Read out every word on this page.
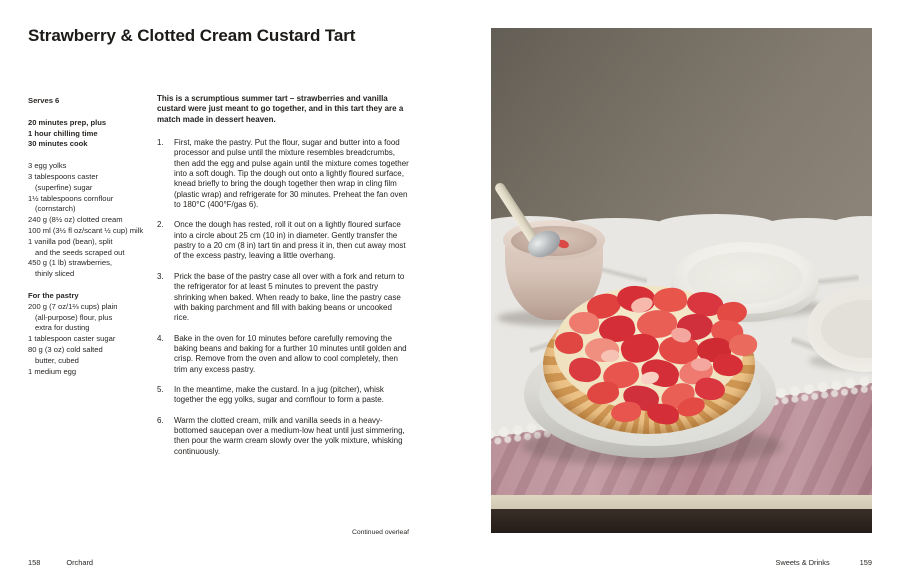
Strawberry & Clotted Cream Custard Tart
Serves 6
20 minutes prep, plus
1 hour chilling time
30 minutes cook
3 egg yolks
3 tablespoons caster
(superfine) sugar
1½ tablespoons cornflour
(cornstarch)
240 g (8½ oz) clotted cream
100 ml (3½ fl oz/scant ½ cup) milk
1 vanilla pod (bean), split
and the seeds scraped out
450 g (1 lb) strawberries,
thinly sliced
For the pastry
200 g (7 oz/1⅔ cups) plain
(all-purpose) flour, plus
extra for dusting
1 tablespoon caster sugar
80 g (3 oz) cold salted
butter, cubed
1 medium egg

This is a scrumptious summer tart – strawberries and vanilla custard were just meant to go together, and in this tart they are a match made in dessert heaven.

1.	First, make the pastry. Put the flour, sugar and butter into a food processor and pulse until the mixture resembles breadcrumbs, then add the egg and pulse again until the mixture comes together into a soft dough. Tip the dough out onto a lightly floured surface, knead briefly to bring the dough together then wrap in cling film (plastic wrap) and refrigerate for 30 minutes. Preheat the fan oven to 180°C (400°F/gas 6).
2.	Once the dough has rested, roll it out on a lightly floured surface into a circle about 25 cm (10 in) in diameter. Gently transfer the pastry to a 20 cm (8 in) tart tin and press it in, then cut away most of the excess pastry, leaving a little overhang.
3.	Prick the base of the pastry case all over with a fork and return to the refrigerator for at least 5 minutes to prevent the pastry shrinking when baked. When ready to bake, line the pastry case with baking parchment and fill with baking beans or uncooked rice.
4.	Bake in the oven for 10 minutes before carefully removing the baking beans and baking for a further 10 minutes until golden and crisp. Remove from the oven and allow to cool completely, then trim any excess pastry.
5.	In the meantime, make the custard. In a jug (pitcher), whisk together the egg yolks, sugar and cornflour to form a paste.
6.	Warm the clotted cream, milk and vanilla seeds in a heavy-bottomed saucepan over a medium-low heat until just simmering, then pour the warm cream slowly over the yolk mixture, whisking continuously.
Continued overleaf
158	Orchard	Sweets & Drinks	159
